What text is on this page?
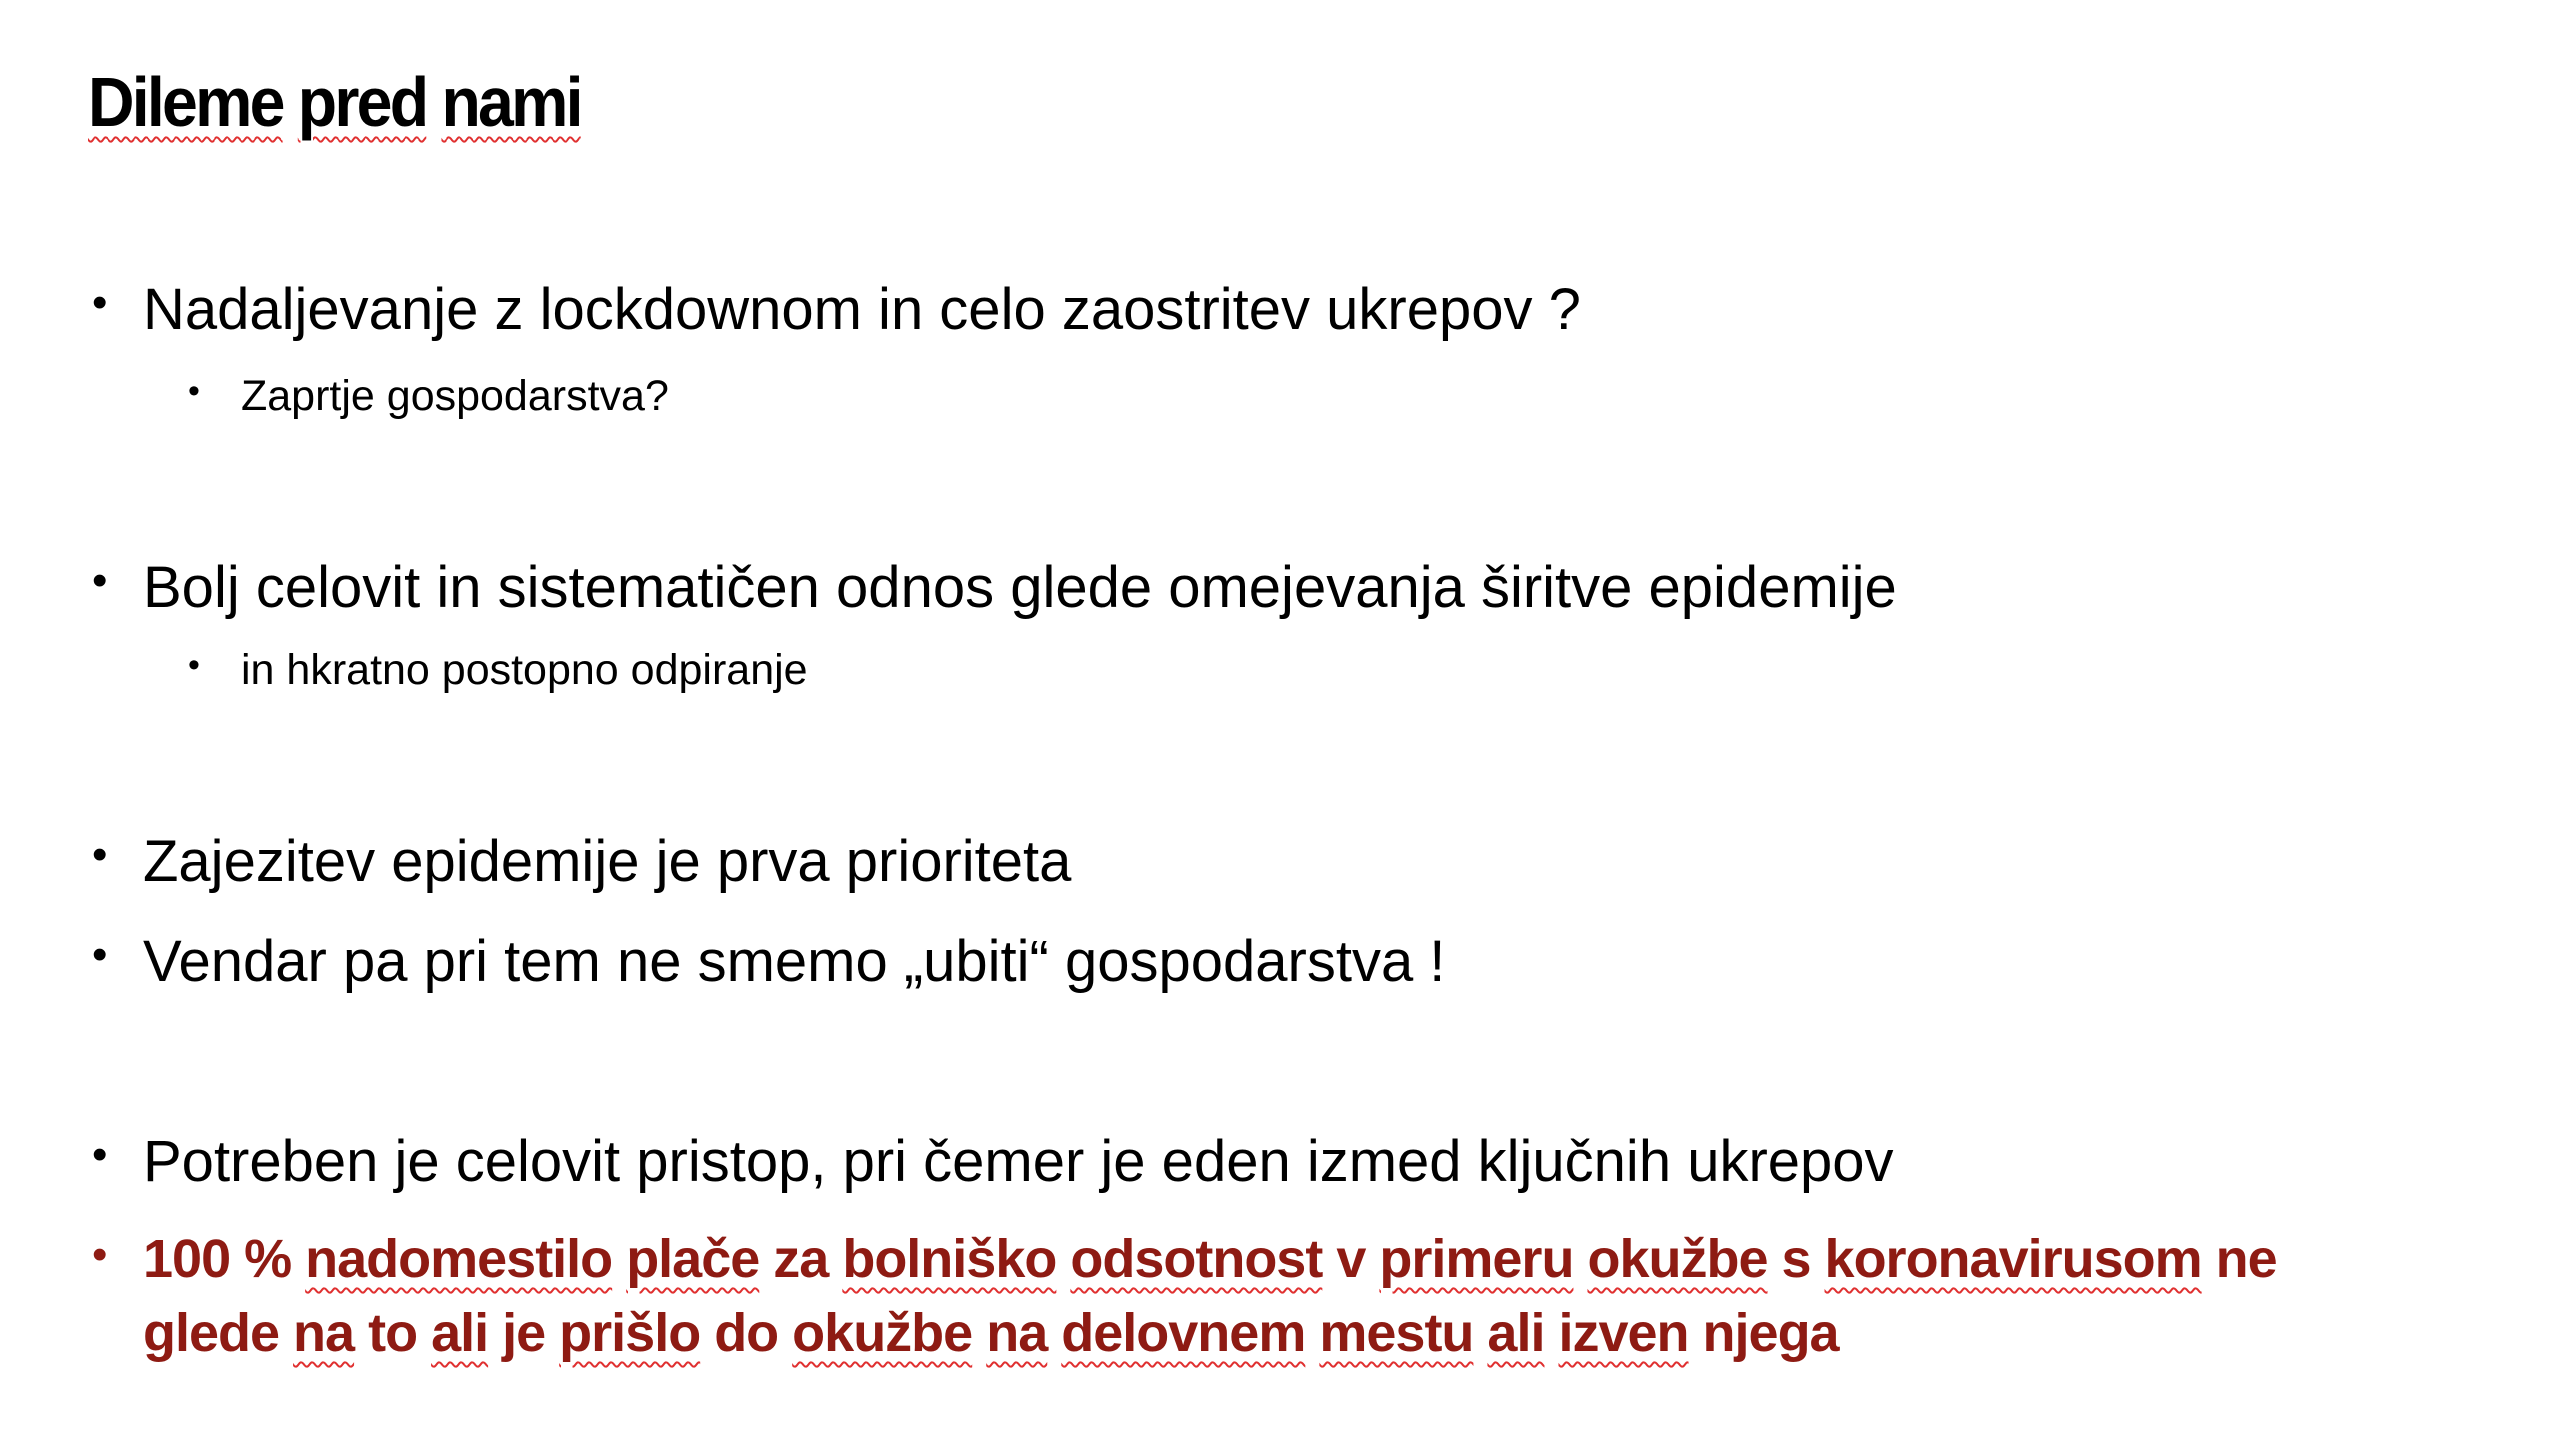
Dileme pred nami
• Nadaljevanje z lockdownom in celo zaostritev ukrepov ?
• Zaprtje gospodarstva?
• Bolj celovit in sistematičen odnos glede omejevanja širitve epidemije
• in hkratno postopno odpiranje
• Zajezitev epidemije je prva prioriteta
• Vendar pa pri tem ne smemo „ubiti“ gospodarstva !
• Potreben je celovit pristop, pri čemer je eden izmed ključnih ukrepov
• 100 % nadomestilo plače za bolniško odsotnost v primeru okužbe s koronavirusom ne
glede na to ali je prišlo do okužbe na delovnem mestu ali izven njega
